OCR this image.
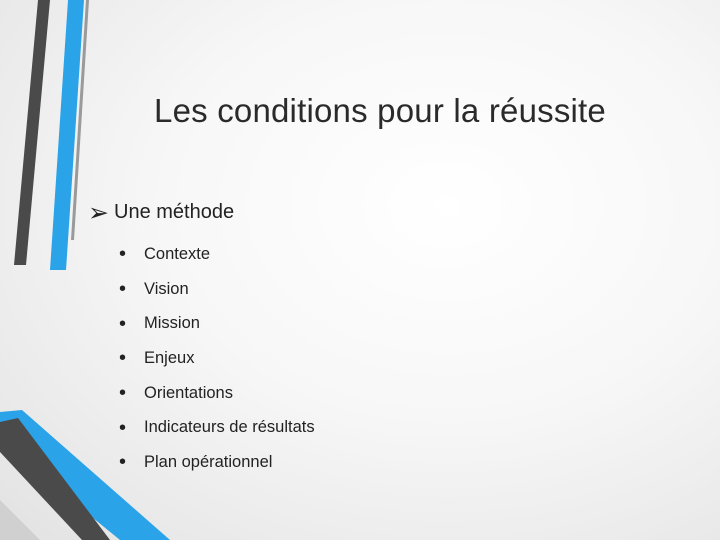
Les conditions pour la réussite
➢ Une méthode
•	Contexte
•	Vision
•	Mission
•	Enjeux
•	Orientations
•	Indicateurs de résultats
•	Plan opérationnel
